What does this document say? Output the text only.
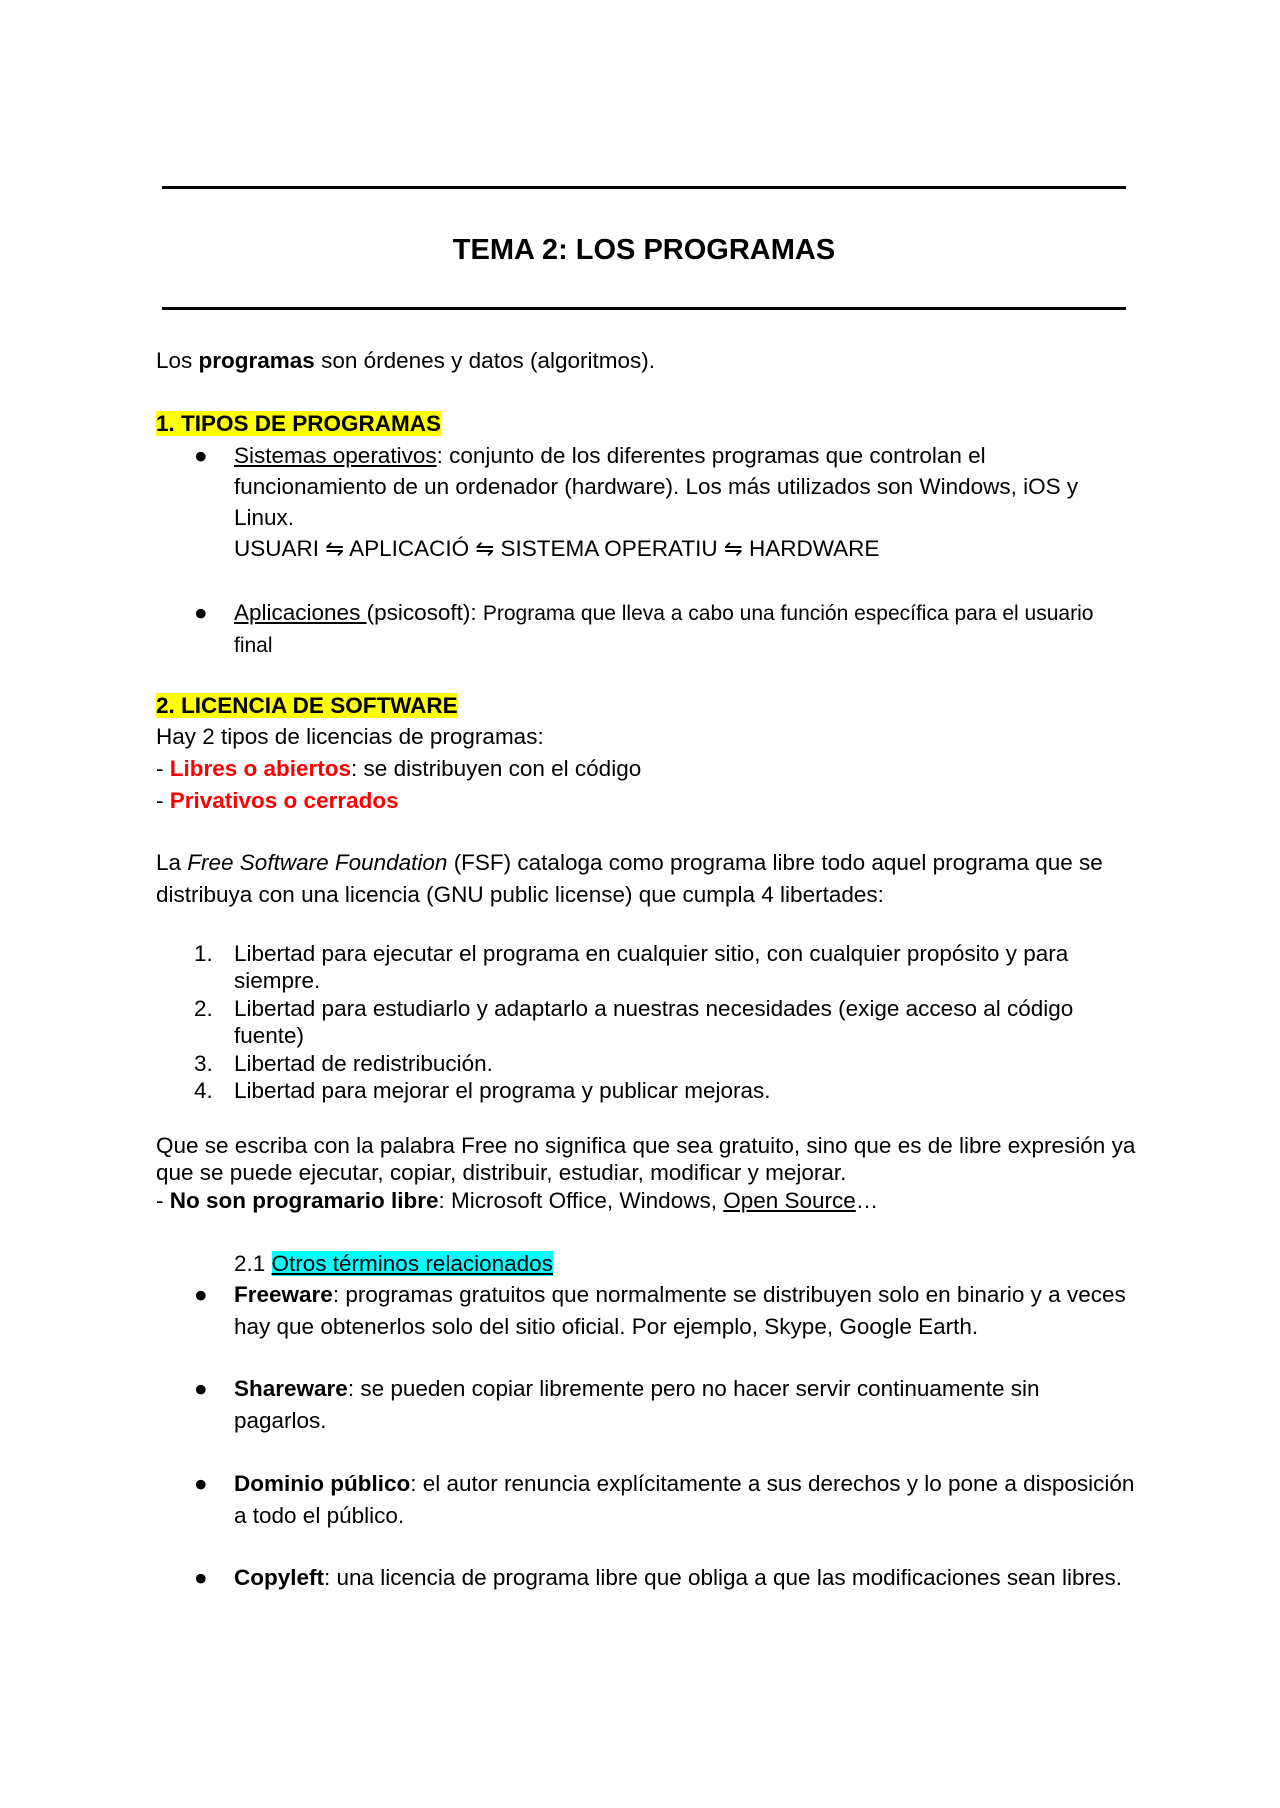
TEMA 2: LOS PROGRAMAS
Los programas son órdenes y datos (algoritmos).
1. TIPOS DE PROGRAMAS
●	Sistemas operativos: conjunto de los diferentes programas que controlan el funcionamiento de un ordenador (hardware). Los más utilizados son Windows, iOS y Linux.
USUARI ⇋ APLICACIÓ ⇋ SISTEMA OPERATIU ⇋ HARDWARE
●	Aplicaciones (psicosoft): Programa que lleva a cabo una función específica para el usuario final
2. LICENCIA DE SOFTWARE
Hay 2 tipos de licencias de programas:
- Libres o abiertos: se distribuyen con el código
- Privativos o cerrados
La Free Software Foundation (FSF) cataloga como programa libre todo aquel programa que se distribuya con una licencia (GNU public license) que cumpla 4 libertades:
1. Libertad para ejecutar el programa en cualquier sitio, con cualquier propósito y para siempre.
2. Libertad para estudiarlo y adaptarlo a nuestras necesidades (exige acceso al código fuente)
3. Libertad de redistribución.
4. Libertad para mejorar el programa y publicar mejoras.
Que se escriba con la palabra Free no significa que sea gratuito, sino que es de libre expresión ya que se puede ejecutar, copiar, distribuir, estudiar, modificar y mejorar.
- No son programario libre: Microsoft Office, Windows, Open Source…
2.1 Otros términos relacionados
●	Freeware: programas gratuitos que normalmente se distribuyen solo en binario y a veces hay que obtenerlos solo del sitio oficial. Por ejemplo, Skype, Google Earth.
●	Shareware: se pueden copiar libremente pero no hacer servir continuamente sin pagarlos.
●	Dominio público: el autor renuncia explícitamente a sus derechos y lo pone a disposición a todo el público.
●	Copyleft: una licencia de programa libre que obliga a que las modificaciones sean libres.
